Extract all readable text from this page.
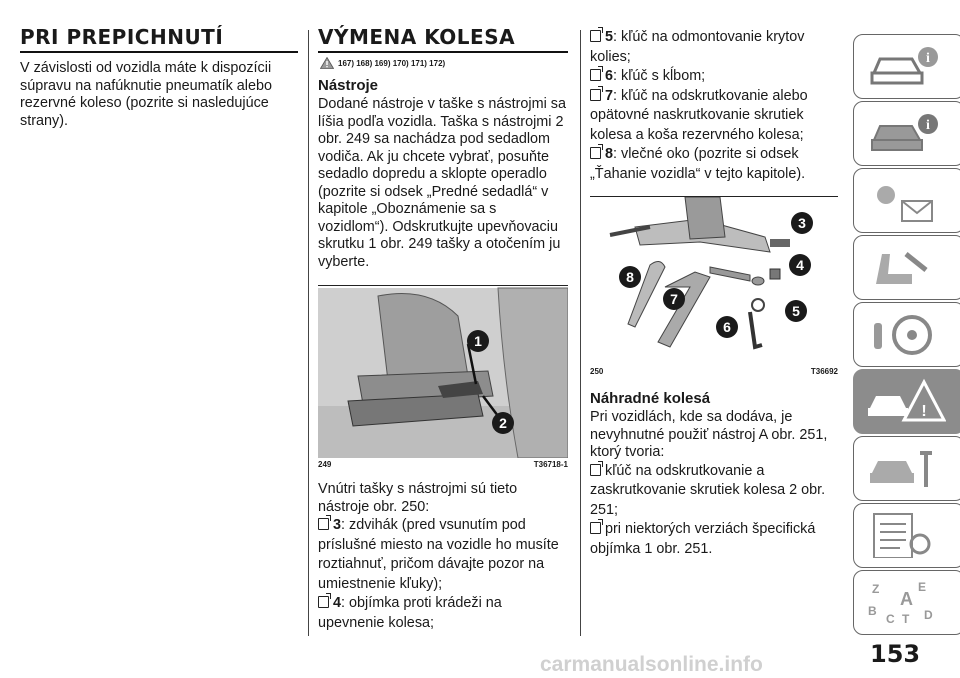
PRI PREPICHNUTÍ

V závislosti od vozidla máte k dispozícii súpravu na nafúknutie pneumatík alebo rezervné koleso (pozrite si nasledujúce strany).

VÝMENA KOLESA
167) 168) 169) 170) 171) 172)
Nástroje

Dodané nástroje v taške s nástrojmi sa líšia podľa vozidla. Taška s nástrojmi 2 obr. 249 sa nachádza pod sedadlom vodiča. Ak ju chcete vybrať, posuňte sedadlo dopredu a sklopte operadlo (pozrite si odsek „Predné sedadlá“ v kapitole „Oboznámenie sa s vozidlom“). Odskrutkujte upevňovaciu skrutku 1 obr. 249 tašky a otočením ju vyberte.

1
2
249	T36718-1

Vnútri tašky s nástrojmi sú tieto nástroje obr. 250:

3: zdvihák (pred vsunutím pod príslušné miesto na vozidle ho musíte roztiahnuť, pričom dávajte pozor na umiestnenie kľuky);
4: objímka proti krádeži na upevnenie kolesa;
5: kľúč na odmontovanie krytov kolies;
6: kľúč s kĺbom;
7: kľúč na odskrutkovanie alebo opätovné naskrutkovanie skrutiek kolesa a koša rezervného kolesa;
8: vlečné oko (pozrite si odsek „Ťahanie vozidla“ v tejto kapitole).
3
4
5
6
7
8
250	T36692
Náhradné kolesá

Pri vozidlách, kde sa dodáva, je nevyhnutné použiť nástroj A obr. 251, ktorý tvoria:

kľúč na odskrutkovanie a zaskrutkovanie skrutiek kolesa 2 obr. 251;
pri niektorých verziách špecifická objímka 1 obr. 251.
i
i
!
Z	E
A
B
C T D
153
carmanualsonline.info
